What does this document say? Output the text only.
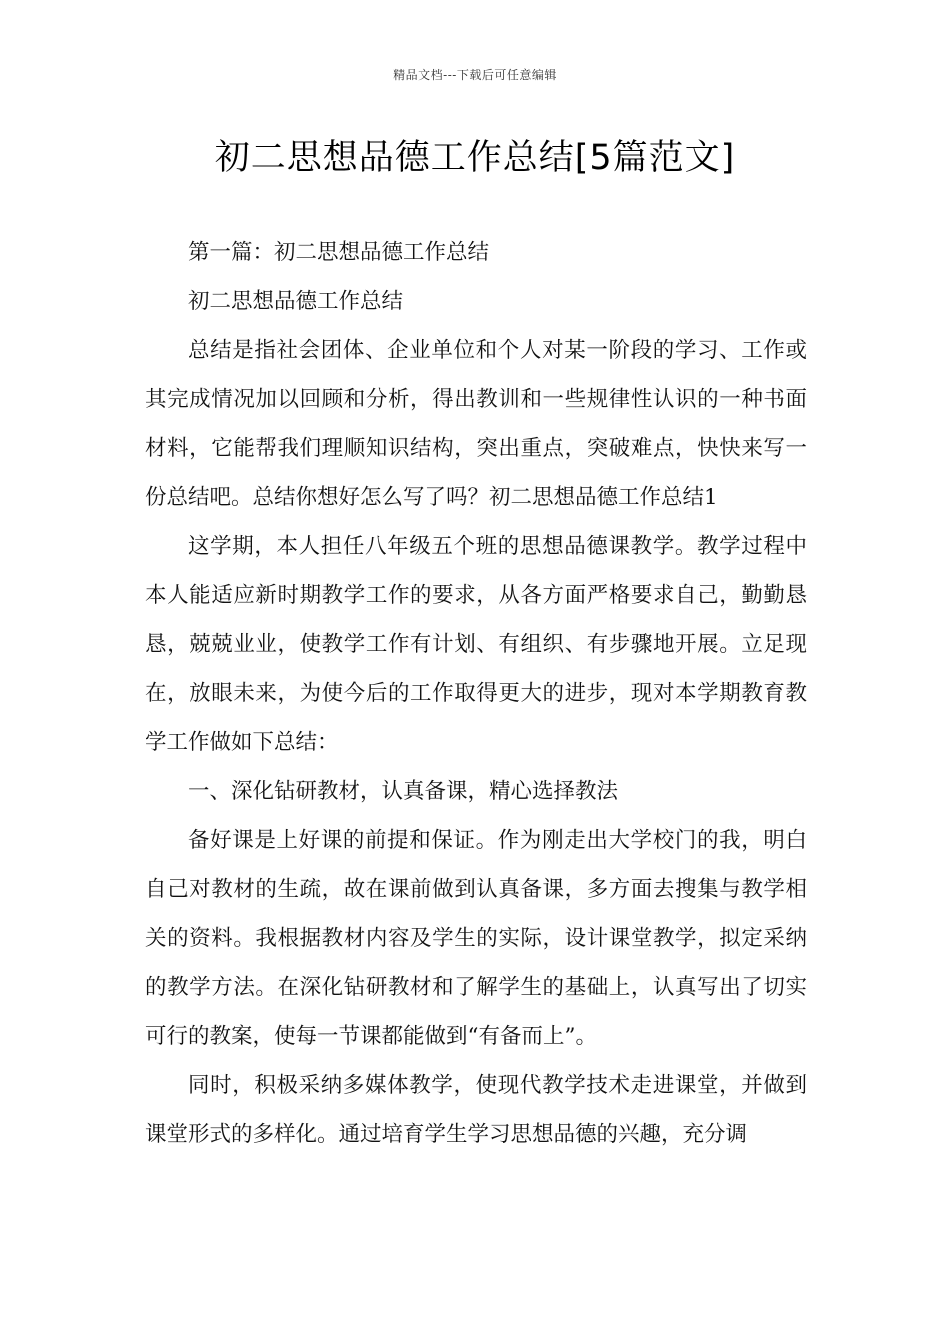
精品文档---下载后可任意编辑
初二思想品德工作总结[5篇范文]

第一篇：初二思想品德工作总结

初二思想品德工作总结

总结是指社会团体、企业单位和个人对某一阶段的学习、工作或其完成情况加以回顾和分析，得出教训和一些规律性认识的一种书面材料，它能帮我们理顺知识结构，突出重点，突破难点，快快来写一份总结吧。总结你想好怎么写了吗？初二思想品德工作总结1

这学期，本人担任八年级五个班的思想品德课教学。教学过程中本人能适应新时期教学工作的要求，从各方面严格要求自己，勤勤恳恳，兢兢业业，使教学工作有计划、有组织、有步骤地开展。立足现在，放眼未来，为使今后的工作取得更大的进步，现对本学期教育教学工作做如下总结：

一、深化钻研教材，认真备课，精心选择教法

备好课是上好课的前提和保证。作为刚走出大学校门的我，明白自己对教材的生疏，故在课前做到认真备课，多方面去搜集与教学相关的资料。我根据教材内容及学生的实际，设计课堂教学，拟定采纳的教学方法。在深化钻研教材和了解学生的基础上，认真写出了切实可行的教案，使每一节课都能做到“有备而上”。

同时，积极采纳多媒体教学，使现代教学技术走进课堂，并做到课堂形式的多样化。通过培育学生学习思想品德的兴趣，充分调
